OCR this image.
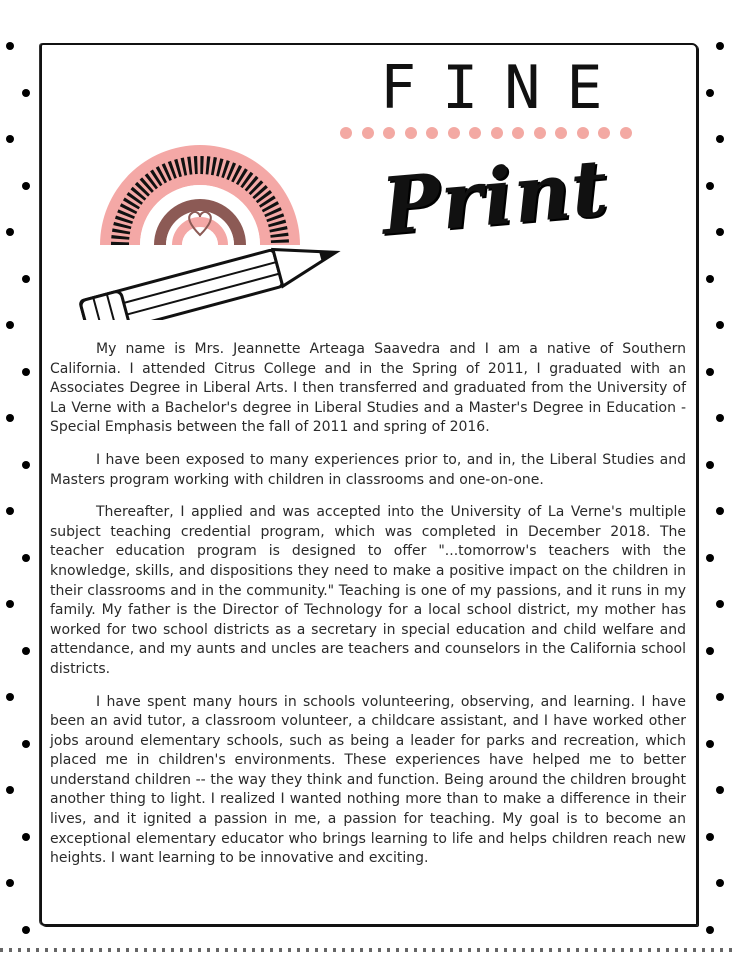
FINE
Print

My name is Mrs. Jeannette Arteaga Saavedra and I am a native of Southern California. I attended Citrus College and in the Spring of 2011, I graduated with an Associates Degree in Liberal Arts. I then transferred and graduated from the University of La Verne with a Bachelor's degree in Liberal Studies and a Master's Degree in Education -Special Emphasis between the fall of 2011 and spring of 2016.

I have been exposed to many experiences prior to, and in, the Liberal Studies and Masters program working with children in classrooms and one-on-one.

Thereafter, I applied and was accepted into the University of La Verne's multiple subject teaching credential program, which was completed in December 2018. The teacher education program is designed to offer "...tomorrow's teachers with the knowledge, skills, and dispositions they need to make a positive impact on the children in their classrooms and in the community." Teaching is one of my passions, and it runs in my family. My father is the Director of Technology for a local school district, my mother has worked for two school districts as a secretary in special education and child welfare and attendance, and my aunts and uncles are teachers and counselors in the California school districts.

I have spent many hours in schools volunteering, observing, and learning. I have been an avid tutor, a classroom volunteer, a childcare assistant, and I have worked other jobs around elementary schools, such as being a leader for parks and recreation, which placed me in children's environments. These experiences have helped me to better understand children -- the way they think and function. Being around the children brought another thing to light. I realized I wanted nothing more than to make a difference in their lives, and it ignited a passion in me, a passion for teaching. My goal is to become an exceptional elementary educator who brings learning to life and helps children reach new heights. I want learning to be innovative and exciting.
